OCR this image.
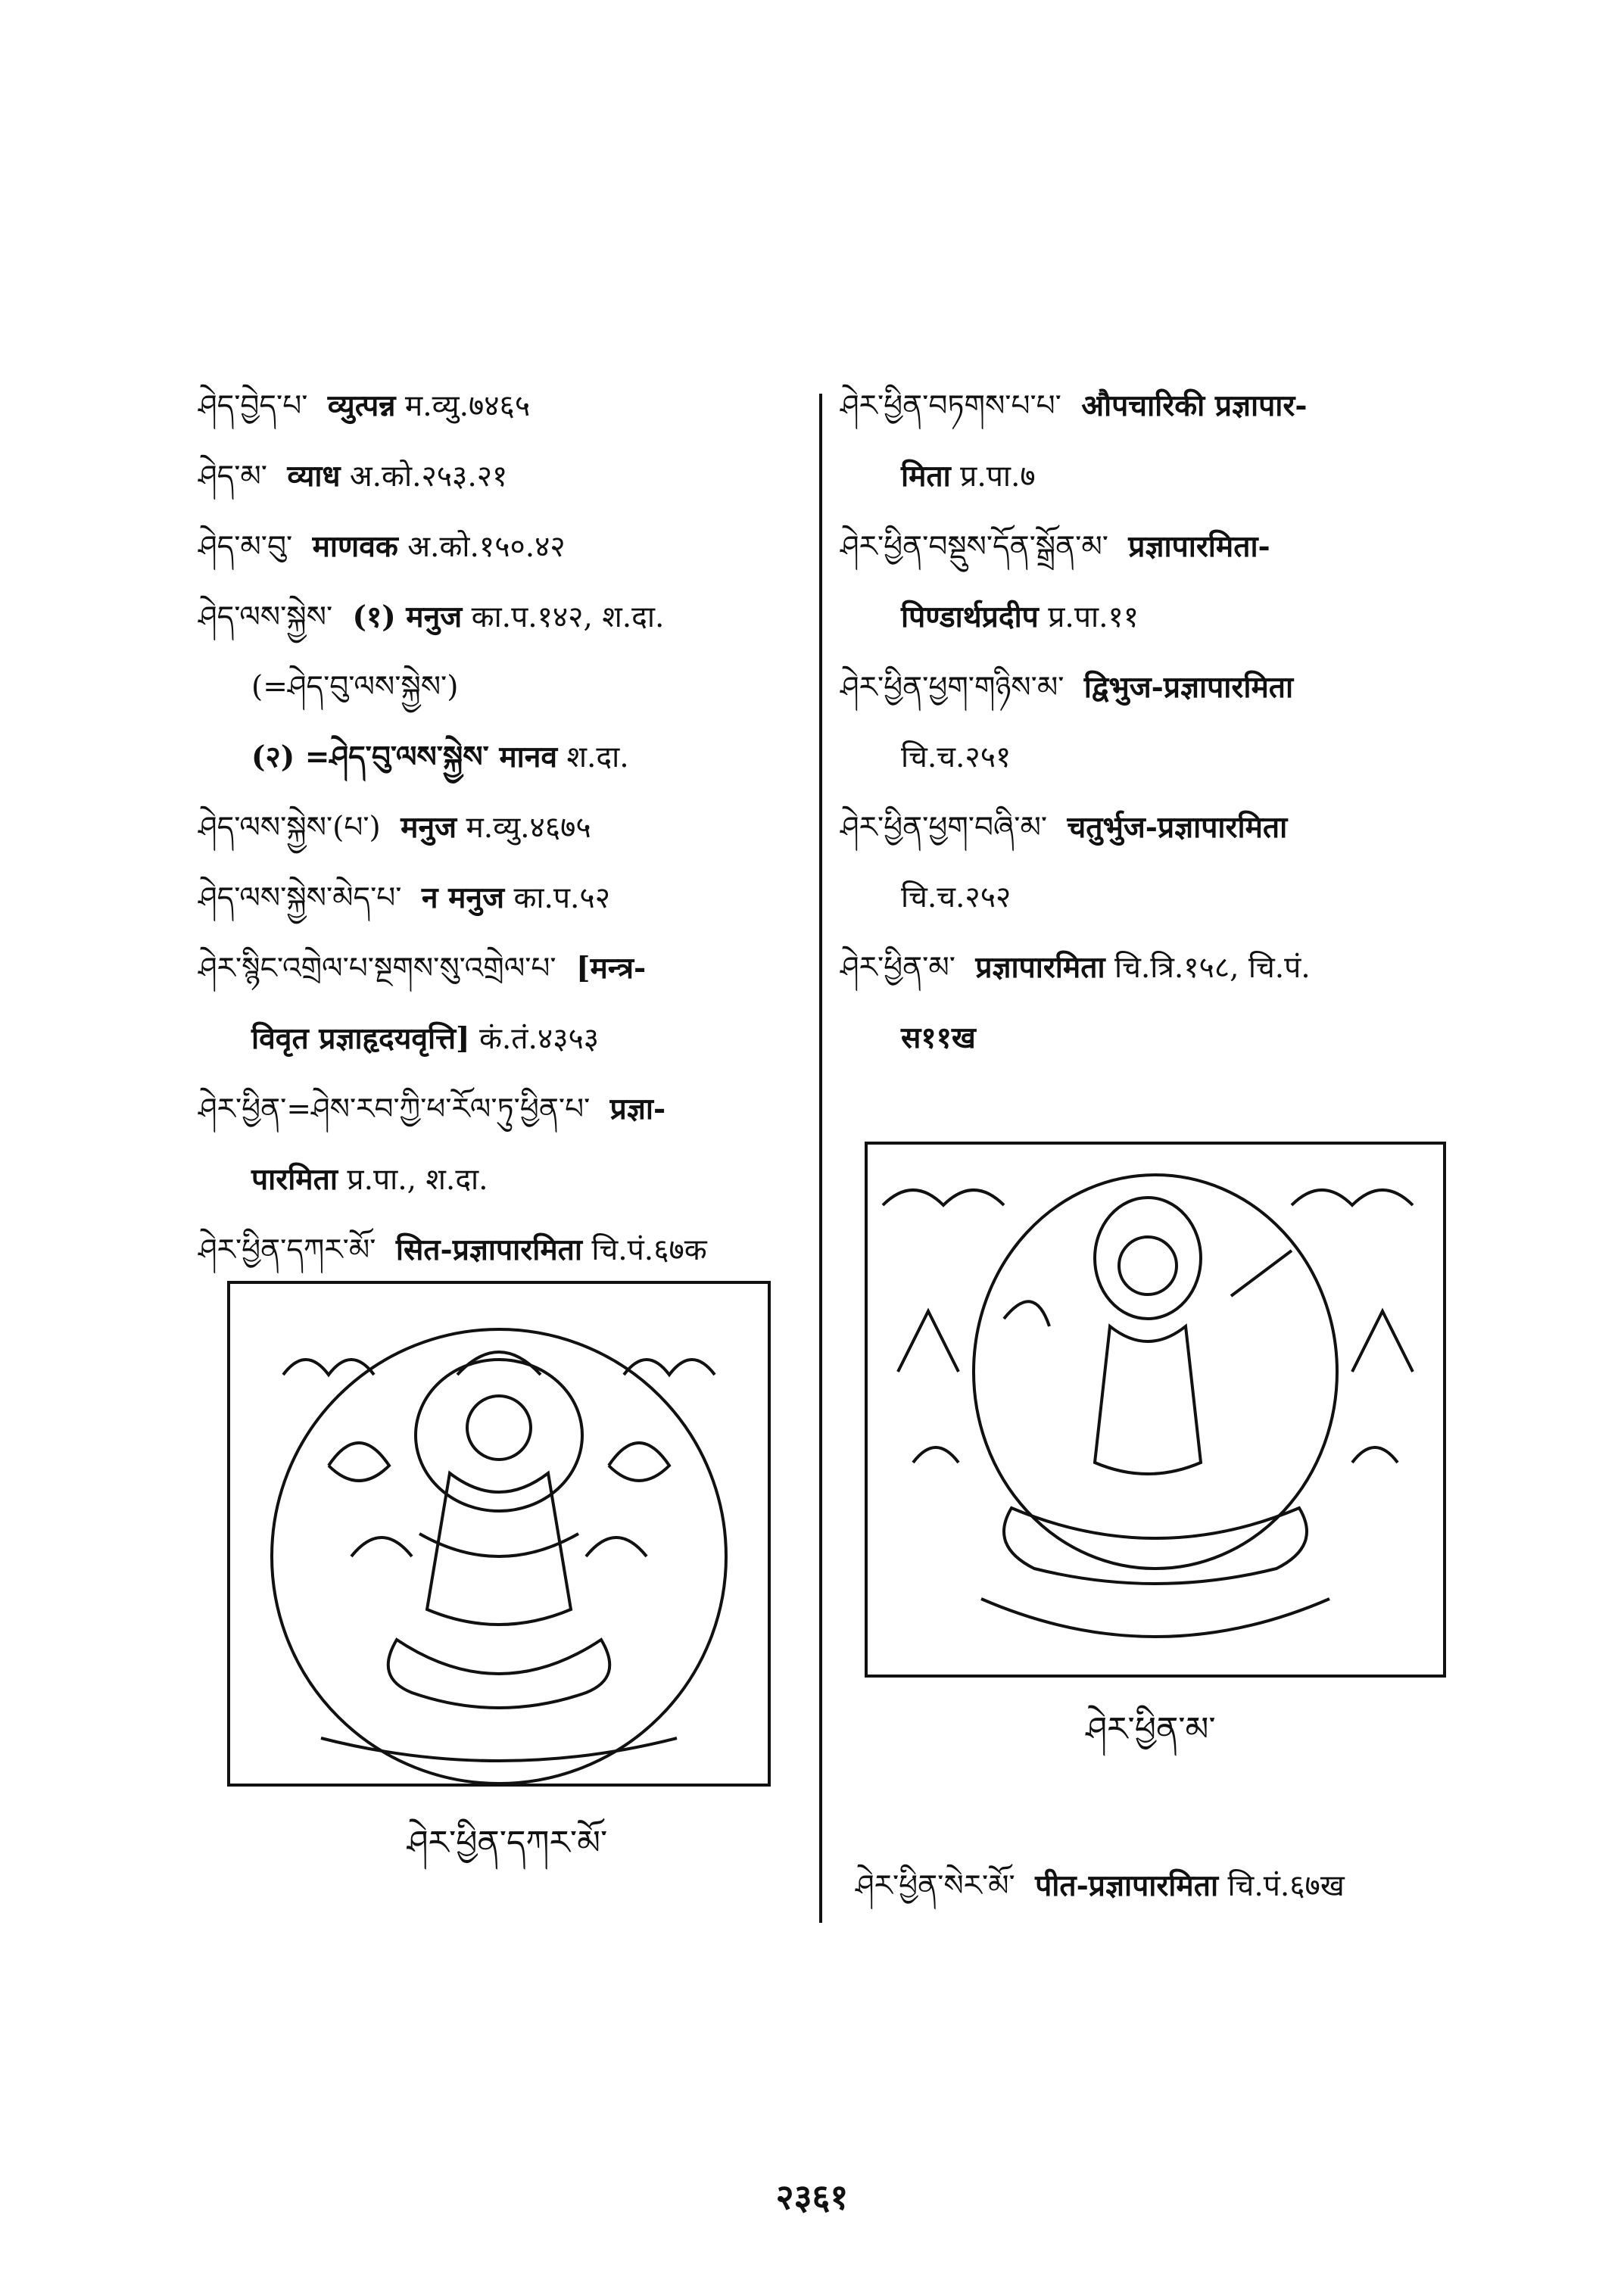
ཤེད་བྱེད་པ་ व्युत्पन्न म.व्यु.७४६५
ཤེད་མ་ व्याध अ.को.२५३.२१
ཤེད་མ་བུ་ माणवक अ.को.१५०.४२
ཤེད་ལས་སྐྱེས་ (१) मनुज का.प.१४२, श.दा.
(=ཤེད་བུ་ལས་སྐྱེས་)
(२) =ཤེད་བུ་ལས་སྐྱེས་ मानव श.दा.
ཤེད་ལས་སྐྱེས་(པ་) मनुज म.व्यु.४६७५
ཤེད་ལས་སྐྱེས་མེད་པ་ न मनुज का.प.५२
ཤེར་སྙིང་འགྲེལ་པ་སྔགས་སུ་འགྲེལ་པ་ [मन्त्र-
विवृत प्रज्ञाहृदयवृत्ति] कं.तं.४३५३
ཤེར་ཕྱིན་=ཤེས་རབ་ཀྱི་ཕ་རོལ་ཏུ་ཕྱིན་པ་ प्रज्ञा-
पारमिता प्र.पा., श.दा.
ཤེར་ཕྱིན་དཀར་མོ་ सित-प्रज्ञापारमिता चि.पं.६७क
ཤེར་ཕྱིན་བཏགས་པ་པ་ औपचारिकी प्रज्ञापार-
मिता प्र.पा.७
ཤེར་ཕྱིན་བསྡུས་དོན་སྒྲོན་མ་ प्रज्ञापारमिता-
पिण्डार्थप्रदीप प्र.पा.११
ཤེར་ཕྱིན་ཕྱག་གཉིས་མ་ द्विभुज-प्रज्ञापारमिता
चि.च.२५१
ཤེར་ཕྱིན་ཕྱག་བཞི་མ་ चतुर्भुज-प्रज्ञापारमिता
चि.च.२५२
ཤེར་ཕྱིན་མ་ प्रज्ञापारमिता चि.त्रि.१५८, चि.पं.
स११ख
ཤེར་ཕྱིན་དཀར་མོ་
ཤེར་ཕྱིན་མ་
ཤེར་ཕྱིན་སེར་མོ་ पीत-प्रज्ञापारमिता चि.पं.६७ख
२३६१
